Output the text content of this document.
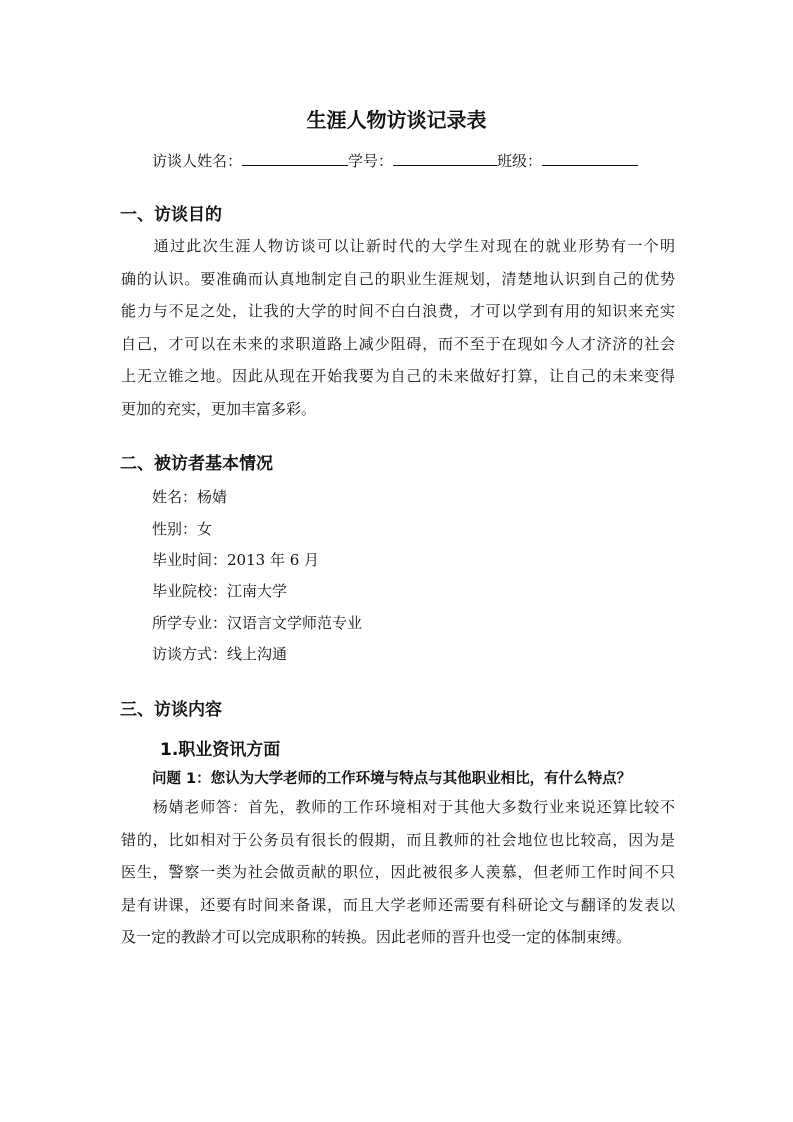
生涯人物访谈记录表
访谈人姓名：	学号：	班级：
一、访谈目的
　　通过此次生涯人物访谈可以让新时代的大学生对现在的就业形势有一个明
确的认识。要准确而认真地制定自己的职业生涯规划，清楚地认识到自己的优势
能力与不足之处，让我的大学的时间不白白浪费，才可以学到有用的知识来充实
自己，才可以在未来的求职道路上减少阻碍，而不至于在现如今人才济济的社会
上无立锥之地。因此从现在开始我要为自己的未来做好打算，让自己的未来变得
更加的充实，更加丰富多彩。
二、被访者基本情况
姓名：杨婧
性别：女
毕业时间：2013 年 6 月
毕业院校：江南大学
所学专业：汉语言文学师范专业
访谈方式：线上沟通
三、访谈内容
1.职业资讯方面
问题 1：您认为大学老师的工作环境与特点与其他职业相比，有什么特点？
　　杨婧老师答：首先，教师的工作环境相对于其他大多数行业来说还算比较不
错的，比如相对于公务员有很长的假期，而且教师的社会地位也比较高，因为是
医生，警察一类为社会做贡献的职位，因此被很多人羡慕，但老师工作时间不只
是有讲课，还要有时间来备课，而且大学老师还需要有科研论文与翻译的发表以
及一定的教龄才可以完成职称的转换。因此老师的晋升也受一定的体制束缚。
